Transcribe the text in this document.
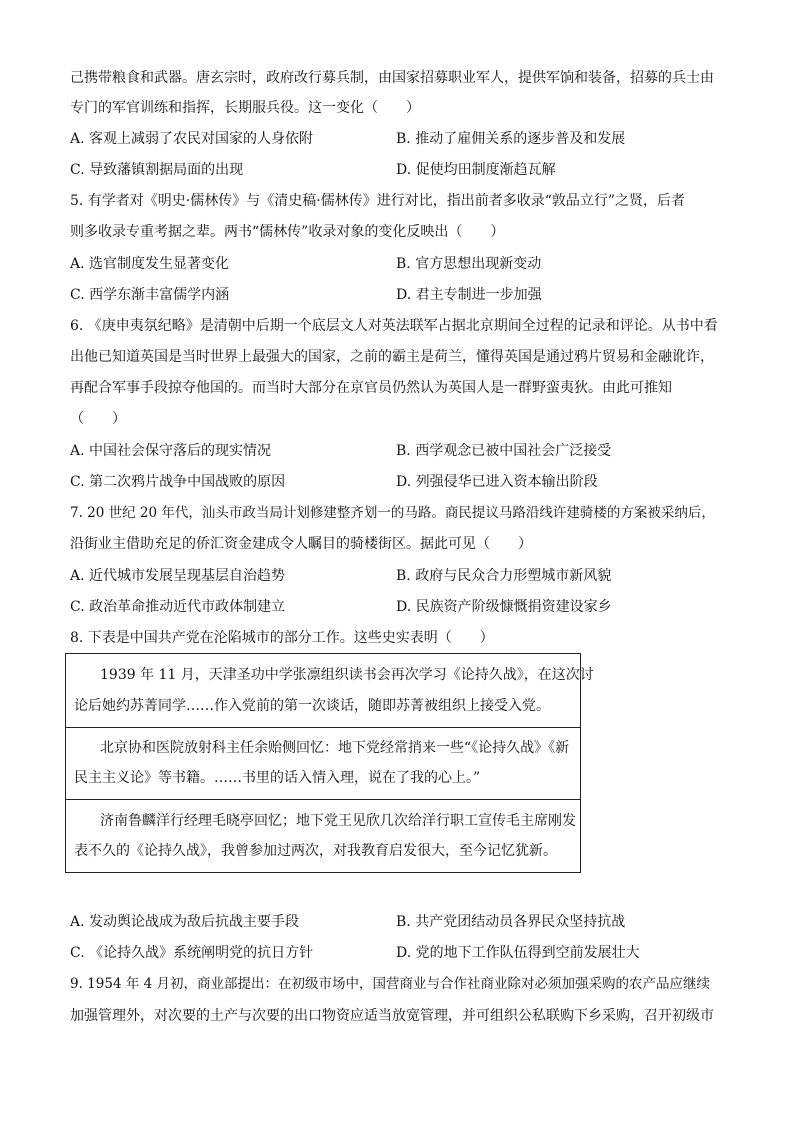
己携带粮食和武器。唐玄宗时，政府改行募兵制，由国家招募职业军人，提供军饷和装备，招募的兵士由
专门的军官训练和指挥，长期服兵役。这一变化（　　）
A. 客观上减弱了农民对国家的人身依附	B. 推动了雇佣关系的逐步普及和发展
C. 导致藩镇割据局面的出现	D. 促使均田制度渐趋瓦解
5. 有学者对《明史·儒林传》与《清史稿·儒林传》进行对比，指出前者多收录“敦品立行”之贤，后者
则多收录专重考据之辈。两书“儒林传”收录对象的变化反映出（　　）
A. 选官制度发生显著变化	B. 官方思想出现新变动
C. 西学东渐丰富儒学内涵	D. 君主专制进一步加强
6. 《庚申夷氛纪略》是清朝中后期一个底层文人对英法联军占据北京期间全过程的记录和评论。从书中看
出他已知道英国是当时世界上最强大的国家，之前的霸主是荷兰，懂得英国是通过鸦片贸易和金融讹诈，
再配合军事手段掠夺他国的。而当时大部分在京官员仍然认为英国人是一群野蛮夷狄。由此可推知
（　　）
A. 中国社会保守落后的现实情况	B. 西学观念已被中国社会广泛接受
C. 第二次鸦片战争中国战败的原因	D. 列强侵华已进入资本输出阶段
7. 20 世纪 20 年代，汕头市政当局计划修建整齐划一的马路。商民提议马路沿线许建骑楼的方案被采纳后，
沿街业主借助充足的侨汇资金建成令人瞩目的骑楼街区。据此可见（　　）
A. 近代城市发展呈现基层自治趋势	B. 政府与民众合力形塑城市新风貌
C. 政治革命推动近代市政体制建立	D. 民族资产阶级慷慨捐资建设家乡
8. 下表是中国共产党在沦陷城市的部分工作。这些史实表明（　　）
1939 年 11 月，天津圣功中学张凛组织读书会再次学习《论持久战》，在这次讨
论后她约苏菁同学……作入党前的第一次谈话，随即苏菁被组织上接受入党。
北京协和医院放射科主任余贻侧回忆：地下党经常捎来一些“《论持久战》《新
民主主义论》等书籍。……书里的话入情入理，说在了我的心上。”
济南鲁麟洋行经理毛晓亭回忆；地下党王见欣几次给洋行职工宣传毛主席刚发
表不久的《论持久战》，我曾参加过两次，对我教育启发很大，至今记忆犹新。
A. 发动舆论战成为敌后抗战主要手段	B. 共产党团结动员各界民众坚持抗战
C. 《论持久战》系统阐明党的抗日方针	D. 党的地下工作队伍得到空前发展壮大
9. 1954 年 4 月初，商业部提出：在初级市场中，国营商业与合作社商业除对必须加强采购的农产品应继续
加强管理外，对次要的土产与次要的出口物资应适当放宽管理，并可组织公私联购下乡采购，召开初级市
